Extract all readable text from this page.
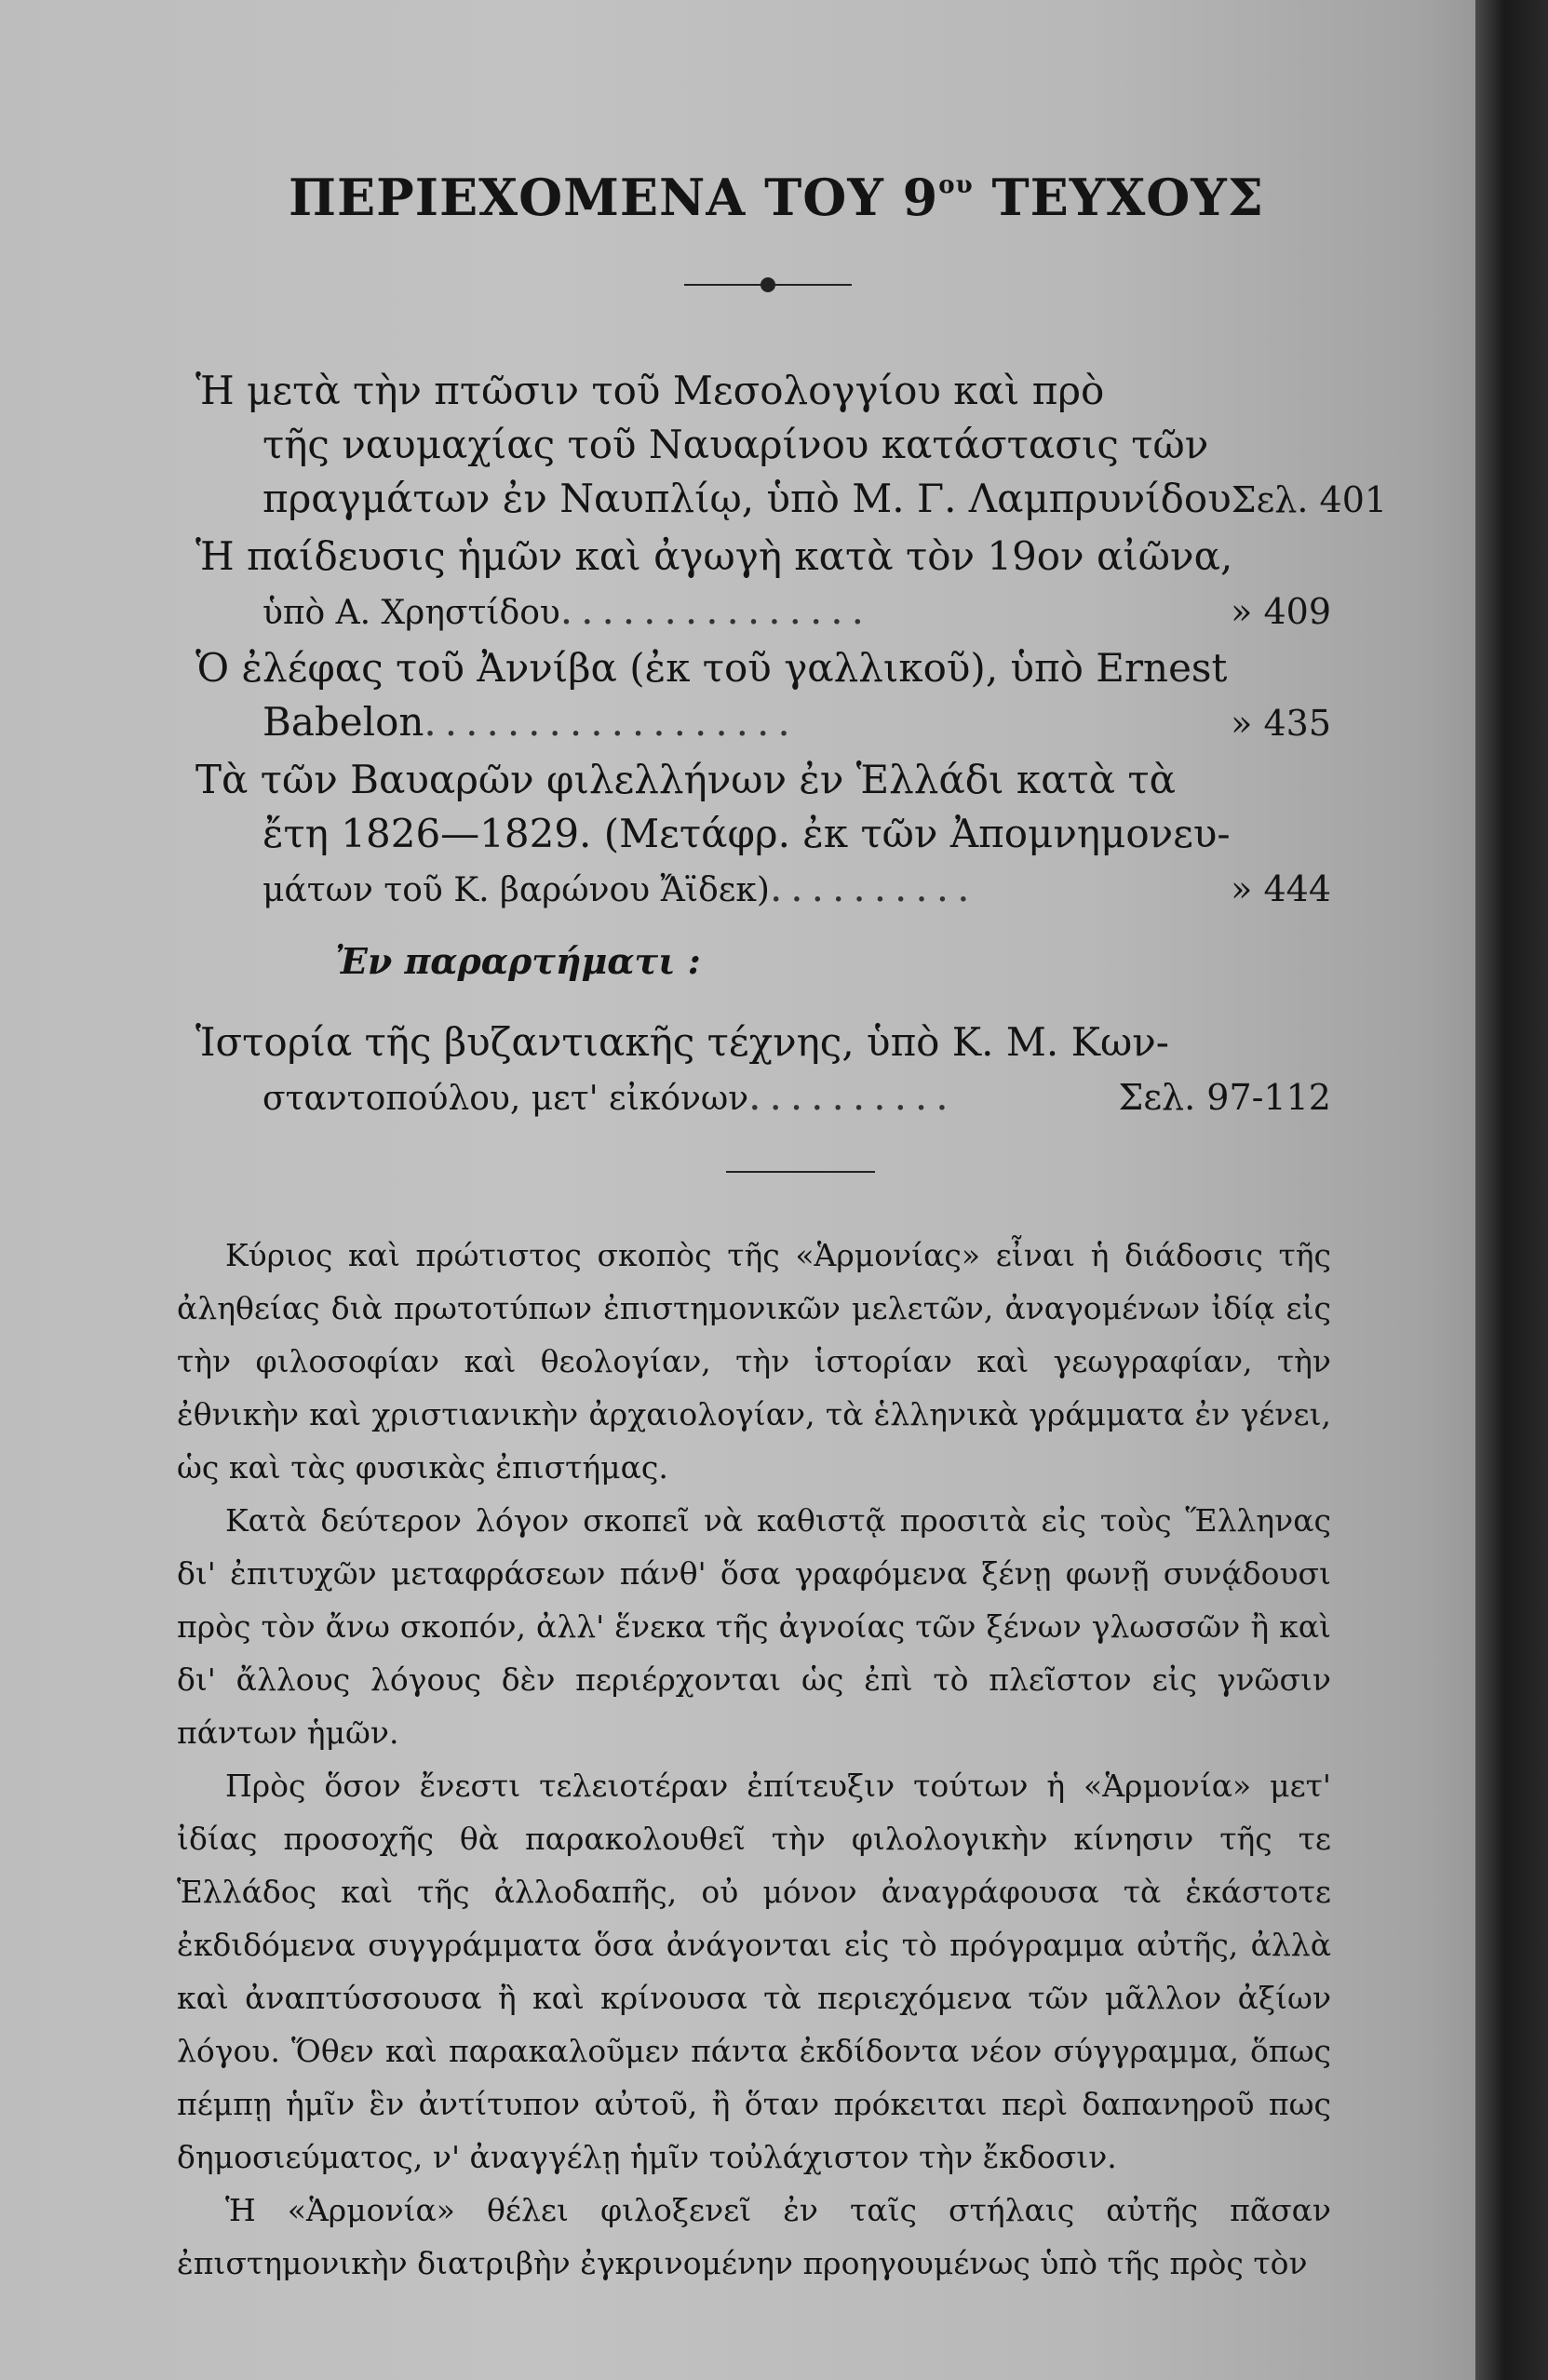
ΠΕΡΙΕΧΟΜΕΝΑ ΤΟΥ $9^{o\upsilon}$ ΤΕΥΧΟΥΣ
Ἡ μετὰ τὴν πτῶσιν τοῦ Μεσολογγίου καὶ πρὸ
τῆς ναυμαχίας τοῦ Ναυαρίνου κατάστασις τῶν
πραγμάτων ἐν Ναυπλίῳ, ὑπὸ Μ. Γ. Λαμπρυνίδου Σελ. 401
Ἡ παίδευσις ἡμῶν καὶ ἀγωγὴ κατὰ τὸν 19ον αἰῶνα,
ὑπὸ Α. Χρηστίδου ...............	» 409
Ὁ ἐλέφας τοῦ Ἀννίβα (ἐκ τοῦ γαλλικοῦ), ὑπὸ Ernest
Babelon ..................	» 435
Τὰ τῶν Βαυαρῶν φιλελλήνων ἐν Ἑλλάδι κατὰ τὰ
ἔτη 1826—1829. (Μετάφρ. ἐκ τῶν Ἀπομνημονευ-
μάτων τοῦ Κ. βαρώνου Ἄϊδεκ) ..........	» 444
Ἐν παραρτήματι :
Ἱστορία τῆς βυζαντιακῆς τέχνης, ὑπὸ Κ. Μ. Κων-
σταντοπούλου, μετ' εἰκόνων ..........	Σελ. 97-112

Κύριος καὶ πρώτιστος σκοπὸς τῆς «Ἁρμονίας» εἶναι ἡ διάδοσις τῆς ἀληθείας διὰ πρωτοτύπων ἐπιστημονικῶν μελετῶν, ἀναγομένων ἰδίᾳ εἰς τὴν φιλοσοφίαν καὶ θεολογίαν, τὴν ἱστορίαν καὶ γεωγραφίαν, τὴν ἐθνικὴν καὶ χριστιανικὴν ἀρχαιολογίαν, τὰ ἑλληνικὰ γράμματα ἐν γένει, ὡς καὶ τὰς φυσικὰς ἐπιστήμας.

Κατὰ δεύτερον λόγον σκοπεῖ νὰ καθιστᾷ προσιτὰ εἰς τοὺς Ἕλληνας δι' ἐπιτυχῶν μεταφράσεων πάνθ' ὅσα γραφόμενα ξένῃ φωνῇ συνᾴδουσι πρὸς τὸν ἄνω σκοπόν, ἀλλ' ἕνεκα τῆς ἀγνοίας τῶν ξένων γλωσσῶν ἢ καὶ δι' ἄλλους λόγους δὲν περιέρχονται ὡς ἐπὶ τὸ πλεῖστον εἰς γνῶσιν πάντων ἡμῶν.

Πρὸς ὅσον ἔνεστι τελειοτέραν ἐπίτευξιν τούτων ἡ «Ἁρμονία» μετ' ἰδίας προσοχῆς θὰ παρακολουθεῖ τὴν φιλολογικὴν κίνησιν τῆς τε Ἑλλάδος καὶ τῆς ἀλλοδαπῆς, οὐ μόνον ἀναγράφουσα τὰ ἑκάστοτε ἐκδιδόμενα συγγράμματα ὅσα ἀνάγονται εἰς τὸ πρόγραμμα αὐτῆς, ἀλλὰ καὶ ἀναπτύσσουσα ἢ καὶ κρίνουσα τὰ περιεχόμενα τῶν μᾶλλον ἀξίων λόγου. Ὅθεν καὶ παρακαλοῦμεν πάντα ἐκδίδοντα νέον σύγγραμμα, ὅπως πέμπῃ ἡμῖν ἓν ἀντίτυπον αὐτοῦ, ἢ ὅταν πρόκειται περὶ δαπανηροῦ πως δημοσιεύματος, ν' ἀναγγέλῃ ἡμῖν τοὐλάχιστον τὴν ἔκδοσιν.

Ἡ «Ἁρμονία» θέλει φιλοξενεῖ ἐν ταῖς στήλαις αὐτῆς πᾶσαν ἐπιστημονικὴν διατριβὴν ἐγκρινομένην προηγουμένως ὑπὸ τῆς πρὸς τὸν
